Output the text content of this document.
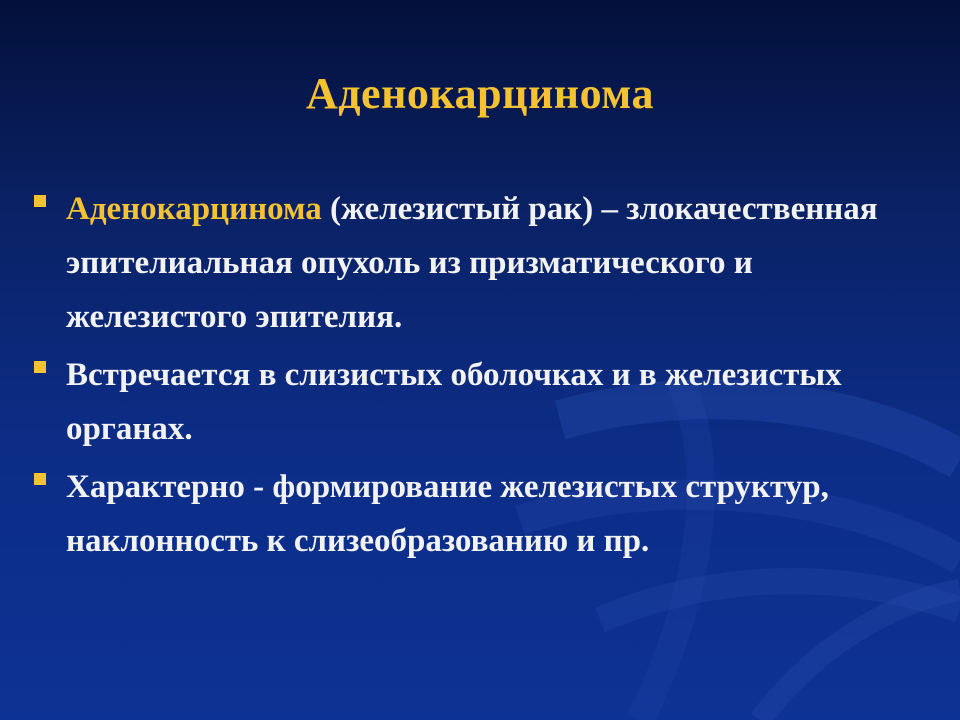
Аденокарцинома
Аденокарцинома (железистый рак) – злокачественная эпителиальная опухоль из призматического и железистого эпителия.
Встречается в слизистых оболочках и в железистых органах.
Характерно - формирование железистых структур, наклонность к слизеобразованию и пр.
